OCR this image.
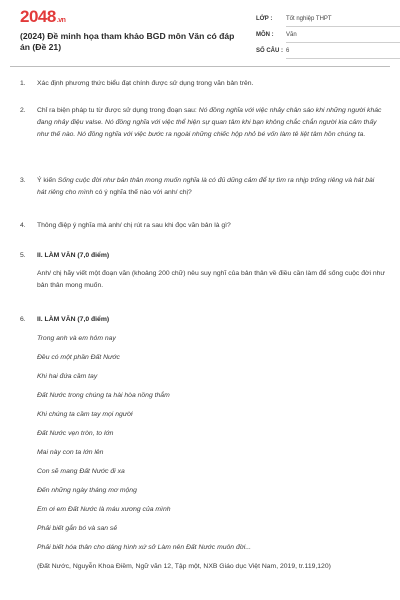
2048.vn
(2024) Đề minh họa tham khảo BGD môn Văn có đáp án (Đề 21)
LỚP :	Tốt nghiệp THPT
MÔN :	Văn
SỐ CÂU : 6
1. Xác định phương thức biểu đạt chính được sử dụng trong văn bản trên.
2. Chỉ ra biện pháp tu từ được sử dụng trong đoạn sau: Nó đồng nghĩa với việc nhảy chân sáo khi những người khác đang nhảy điệu valse. Nó đồng nghĩa với việc thể hiện sự quan tâm khi bạn không chắc chắn người kia cảm thấy như thế nào. Nó đồng nghĩa với việc bước ra ngoài những chiếc hộp nhỏ bé vốn làm tê liệt tâm hồn chúng ta.
3. Ý kiến Sống cuộc đời như bản thân mong muốn nghĩa là có đủ dũng cảm để tự tìm ra nhịp trống riêng và hát bài hát riêng cho mình có ý nghĩa thế nào với anh/ chị?
4. Thông điệp ý nghĩa mà anh/ chị rút ra sau khi đọc văn bản là gì?
5. II. LÀM VĂN (7,0 điểm)
Anh/ chị hãy viết một đoạn văn (khoảng 200 chữ) nêu suy nghĩ của bản thân về điều cần làm để sống cuộc đời như bản thân mong muốn.
6. II. LÀM VĂN (7,0 điểm)
Trong anh và em hôm nay
Đều có một phần Đất Nước
Khi hai đứa cầm tay
Đất Nước trong chúng ta hài hòa nồng thắm
Khi chúng ta cầm tay mọi người
Đất Nước vẹn tròn, to lớn
Mai này con ta lớn lên
Con sẽ mang Đất Nước đi xa
Đến những ngày tháng mơ mộng
Em ơi em Đất Nước là máu xương của mình
Phải biết gắn bó và san sẻ
Phải biết hóa thân cho dáng hình xứ sở Làm nên Đất Nước muôn đời...
(Đất Nước, Nguyễn Khoa Điềm, Ngữ văn 12, Tập một, NXB Giáo dục Việt Nam, 2019, tr.119,120)
